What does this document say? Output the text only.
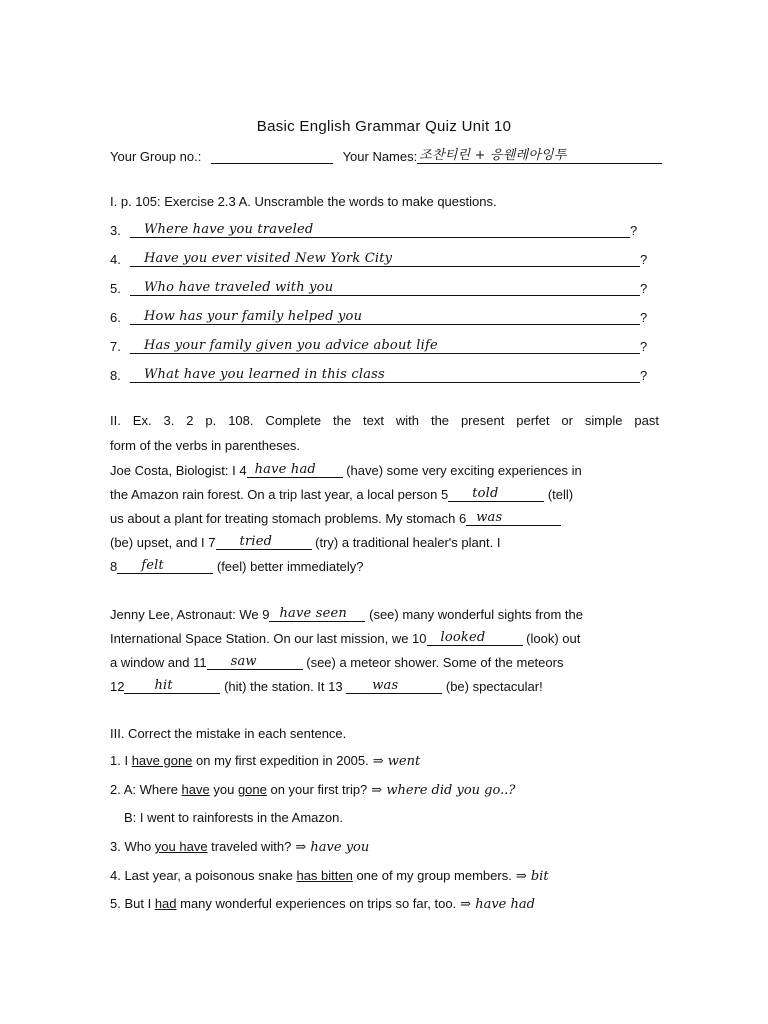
Basic English Grammar Quiz Unit 10
Your Group no.:	Your Names: 조찬티린 + 응웬레아잉투
I. p. 105: Exercise 2.3 A. Unscramble the words to make questions.
3. Where have you traveled	?
4. Have you ever visited New York City	?
5. Who have traveled with you	?
6. How has your family helped you	?
7. Has your family given you advice about life	?
8. What have you learned in this class	?
II. Ex. 3. 2 p. 108. Complete the text with the present perfet or simple past
form of the verbs in parentheses.
Joe Costa, Biologist: I 4 have had (have) some very exciting experiences in
the Amazon rain forest. On a trip last year, a local person 5 told	(tell)
us about a plant for treating stomach problems. My stomach 6 was
(be) upset, and I 7 tried	(try) a traditional healer's plant. I
8 felt	(feel) better immediately?
Jenny Lee, Astronaut: We 9 have seen (see) many wonderful sights from the
International Space Station. On our last mission, we 10 looked	(look) out
a window and 11 saw	(see) a meteor shower. Some of the meteors
12 hit	(hit) the station. It 13 was	(be) spectacular!
III. Correct the mistake in each sentence.
1. I have gone on my first expedition in 2005. ⇒ went
2. A: Where have you gone on your first trip? ⇒ where did you go..?
B: I went to rainforests in the Amazon.
3. Who you have traveled with? ⇒ have you
4. Last year, a poisonous snake has bitten one of my group members. ⇒ bit
5. But I had many wonderful experiences on trips so far, too. ⇒ have had
